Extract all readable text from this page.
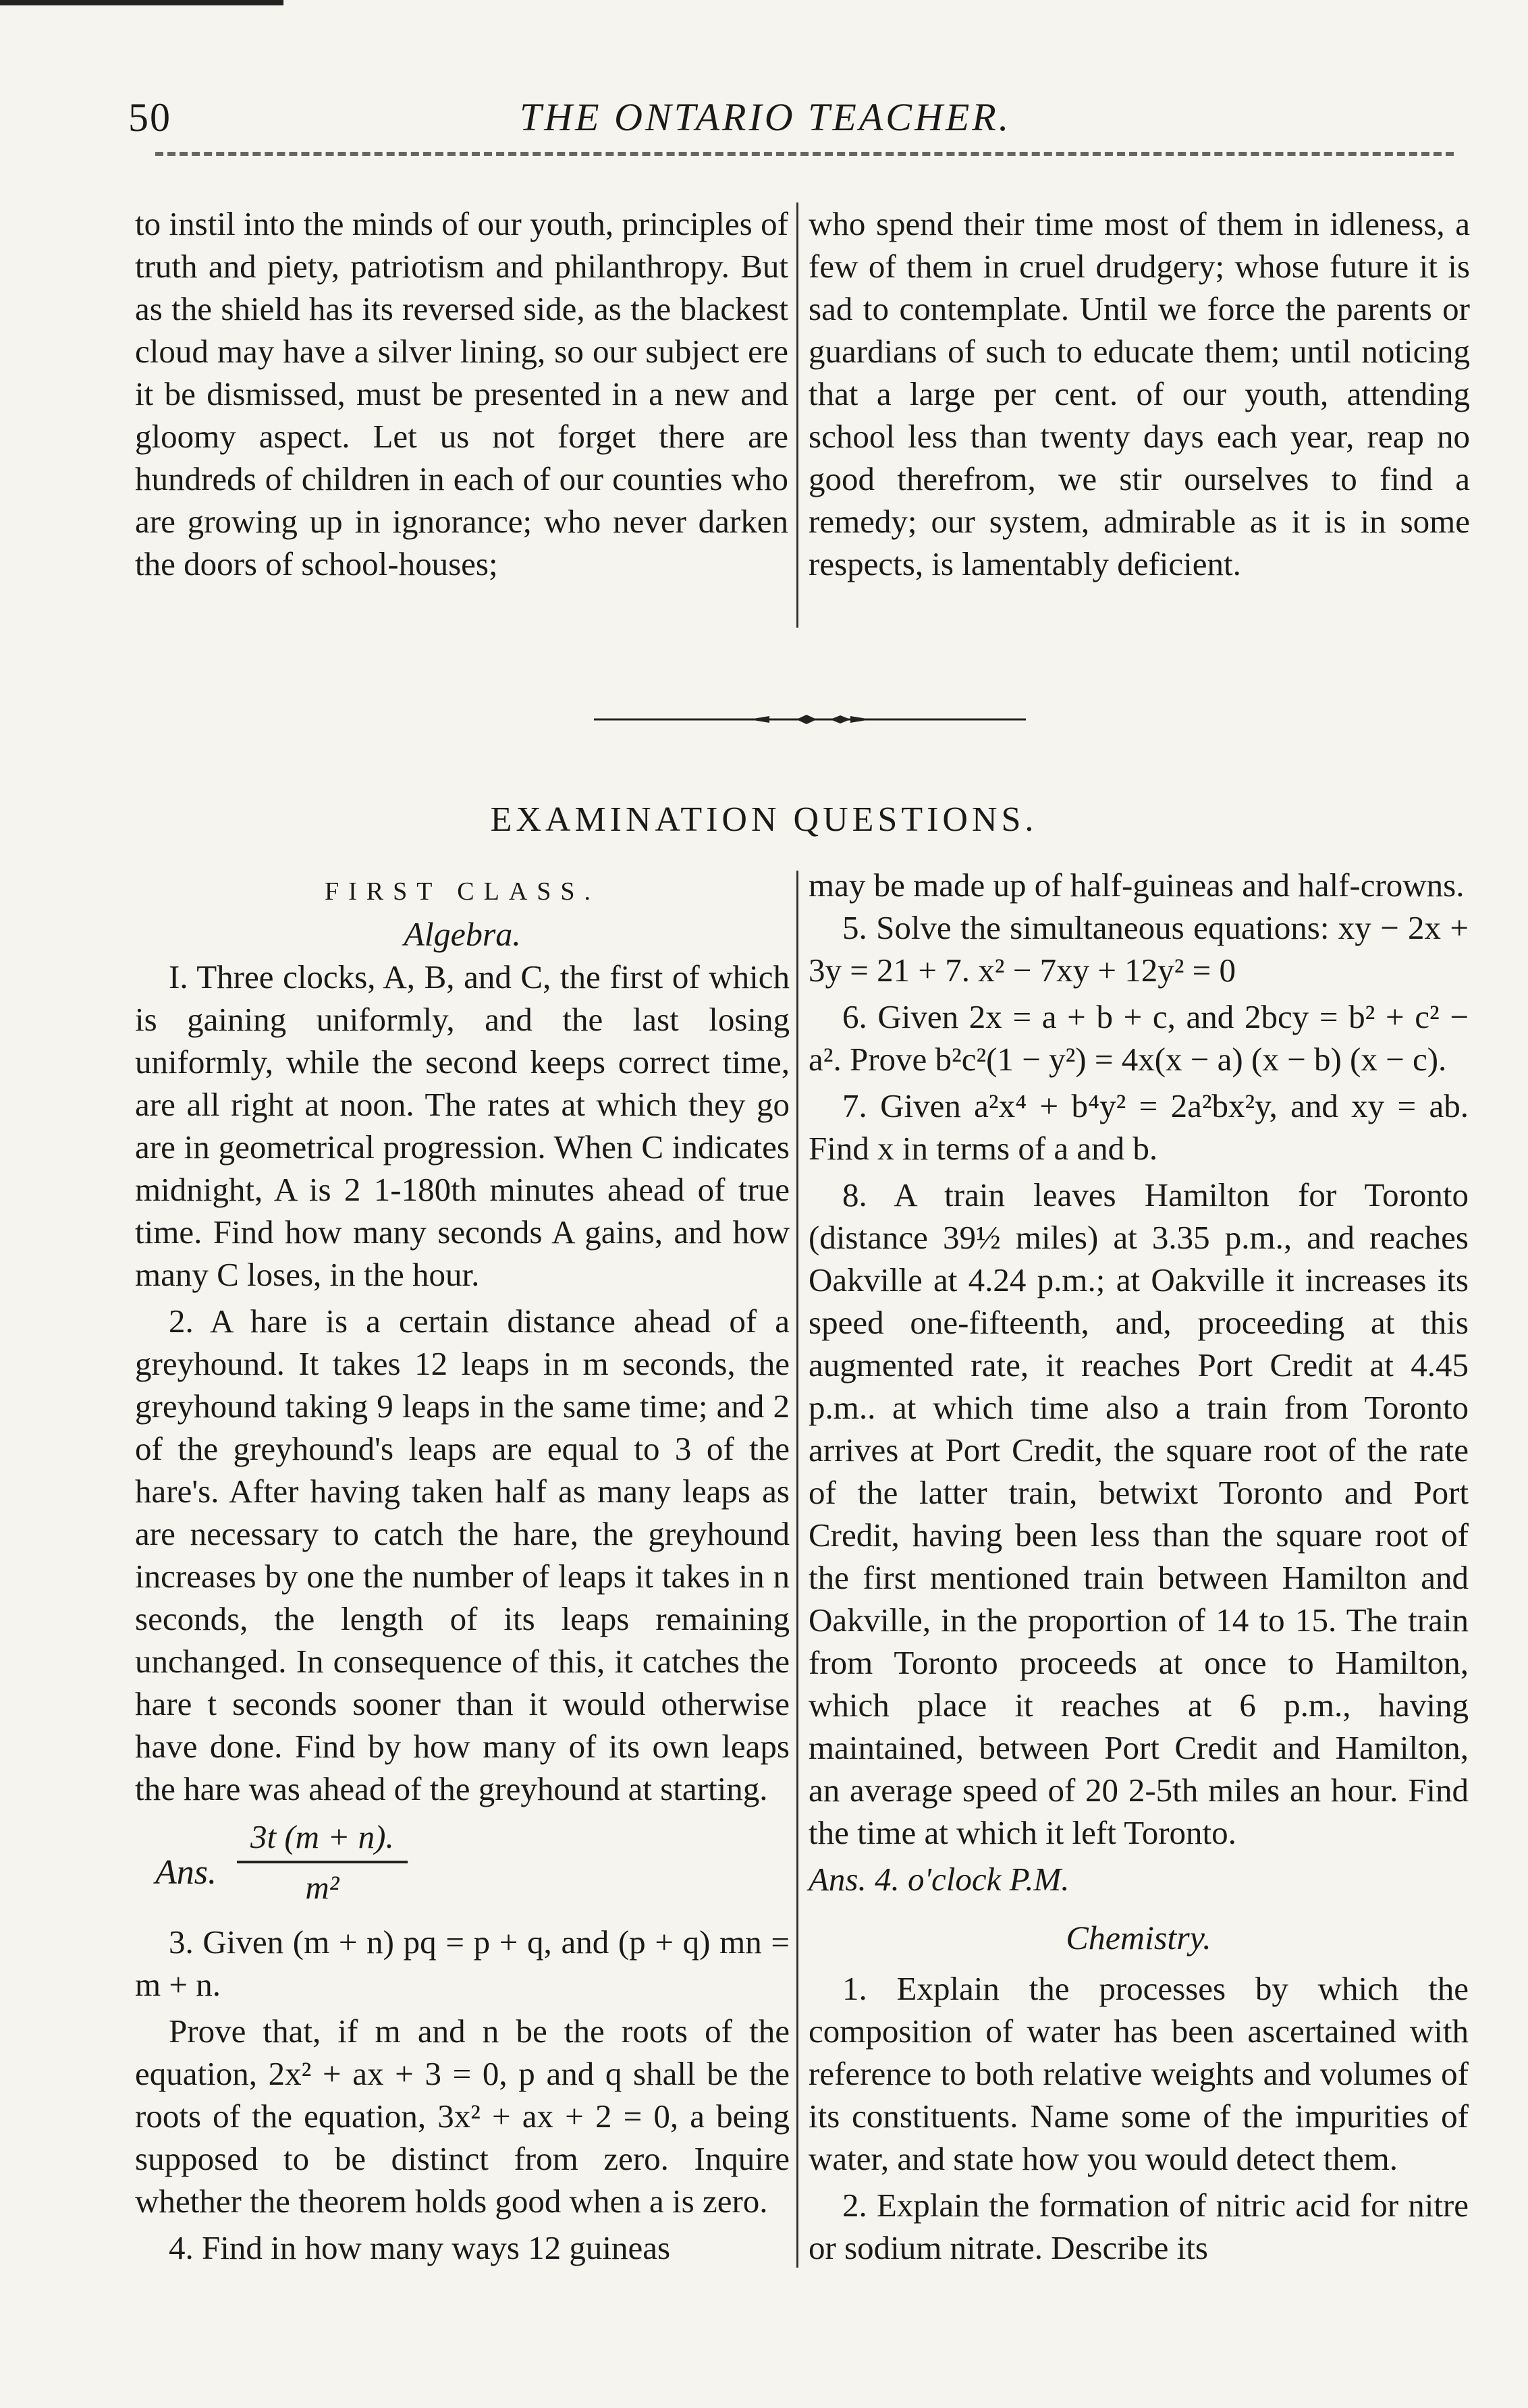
50	THE ONTARIO TEACHER.

to instil into the minds of our youth, principles of truth and piety, patriotism and philanthropy. But as the shield has its reversed side, as the blackest cloud may have a silver lining, so our subject ere it be dismissed, must be presented in a new and gloomy aspect. Let us not forget there are hundreds of children in each of our counties who are growing up in ignorance; who never darken the doors of school-houses;

who spend their time most of them in idleness, a few of them in cruel drudgery; whose future it is sad to contemplate. Until we force the parents or guardians of such to educate them; until noticing that a large per cent. of our youth, attending school less than twenty days each year, reap no good therefrom, we stir ourselves to find a remedy; our system, admirable as it is in some respects, is lamentably deficient.

EXAMINATION QUESTIONS.

FIRST CLASS.

Algebra.

I. Three clocks, A, B, and C, the first of which is gaining uniformly, and the last losing uniformly, while the second keeps correct time, are all right at noon. The rates at which they go are in geometrical progression. When C indicates midnight, A is 2 1-180th minutes ahead of true time. Find how many seconds A gains, and how many C loses, in the hour.

2. A hare is a certain distance ahead of a greyhound. It takes 12 leaps in m seconds, the greyhound taking 9 leaps in the same time; and 2 of the greyhound's leaps are equal to 3 of the hare's. After having taken half as many leaps as are necessary to catch the hare, the greyhound increases by one the number of leaps it takes in n seconds, the length of its leaps remaining unchanged. In consequence of this, it catches the hare t seconds sooner than it would otherwise have done. Find by how many of its own leaps the hare was ahead of the greyhound at starting.

Ans. $\frac{3t (m + n).}{\text{m²}}$

3. Given (m + n) pq = p + q, and (p + q) mn = m + n.

Prove that, if m and n be the roots of the equation, 2x² + ax + 3 = 0, p and q shall be the roots of the equation, 3x² + ax + 2 = 0, a being supposed to be distinct from zero. Inquire whether the theorem holds good when a is zero.

4. Find in how many ways 12 guineas

may be made up of half-guineas and half-crowns.

5. Solve the simultaneous equations: xy − 2x + 3y = 21 + 7. x² − 7xy + 12y² = 0

6. Given 2x = a + b + c, and 2bcy = b² + c² − a². Prove b²c²(1 − y²) = 4x(x − a) (x − b) (x − c).

7. Given a²x⁴ + b⁴y² = 2a²bx²y, and xy = ab. Find x in terms of a and b.

8. A train leaves Hamilton for Toronto (distance 39½ miles) at 3.35 p.m., and reaches Oakville at 4.24 p.m.; at Oakville it increases its speed one-fifteenth, and, proceeding at this augmented rate, it reaches Port Credit at 4.45 p.m.. at which time also a train from Toronto arrives at Port Credit, the square root of the rate of the latter train, betwixt Toronto and Port Credit, having been less than the square root of the first mentioned train between Hamilton and Oakville, in the proportion of 14 to 15. The train from Toronto proceeds at once to Hamilton, which place it reaches at 6 p.m., having maintained, between Port Credit and Hamilton, an average speed of 20 2-5th miles an hour. Find the time at which it left Toronto.

Ans. 4. o'clock P.M.

Chemistry.

1. Explain the processes by which the composition of water has been ascertained with reference to both relative weights and volumes of its constituents. Name some of the impurities of water, and state how you would detect them.

2. Explain the formation of nitric acid for nitre or sodium nitrate. Describe its
